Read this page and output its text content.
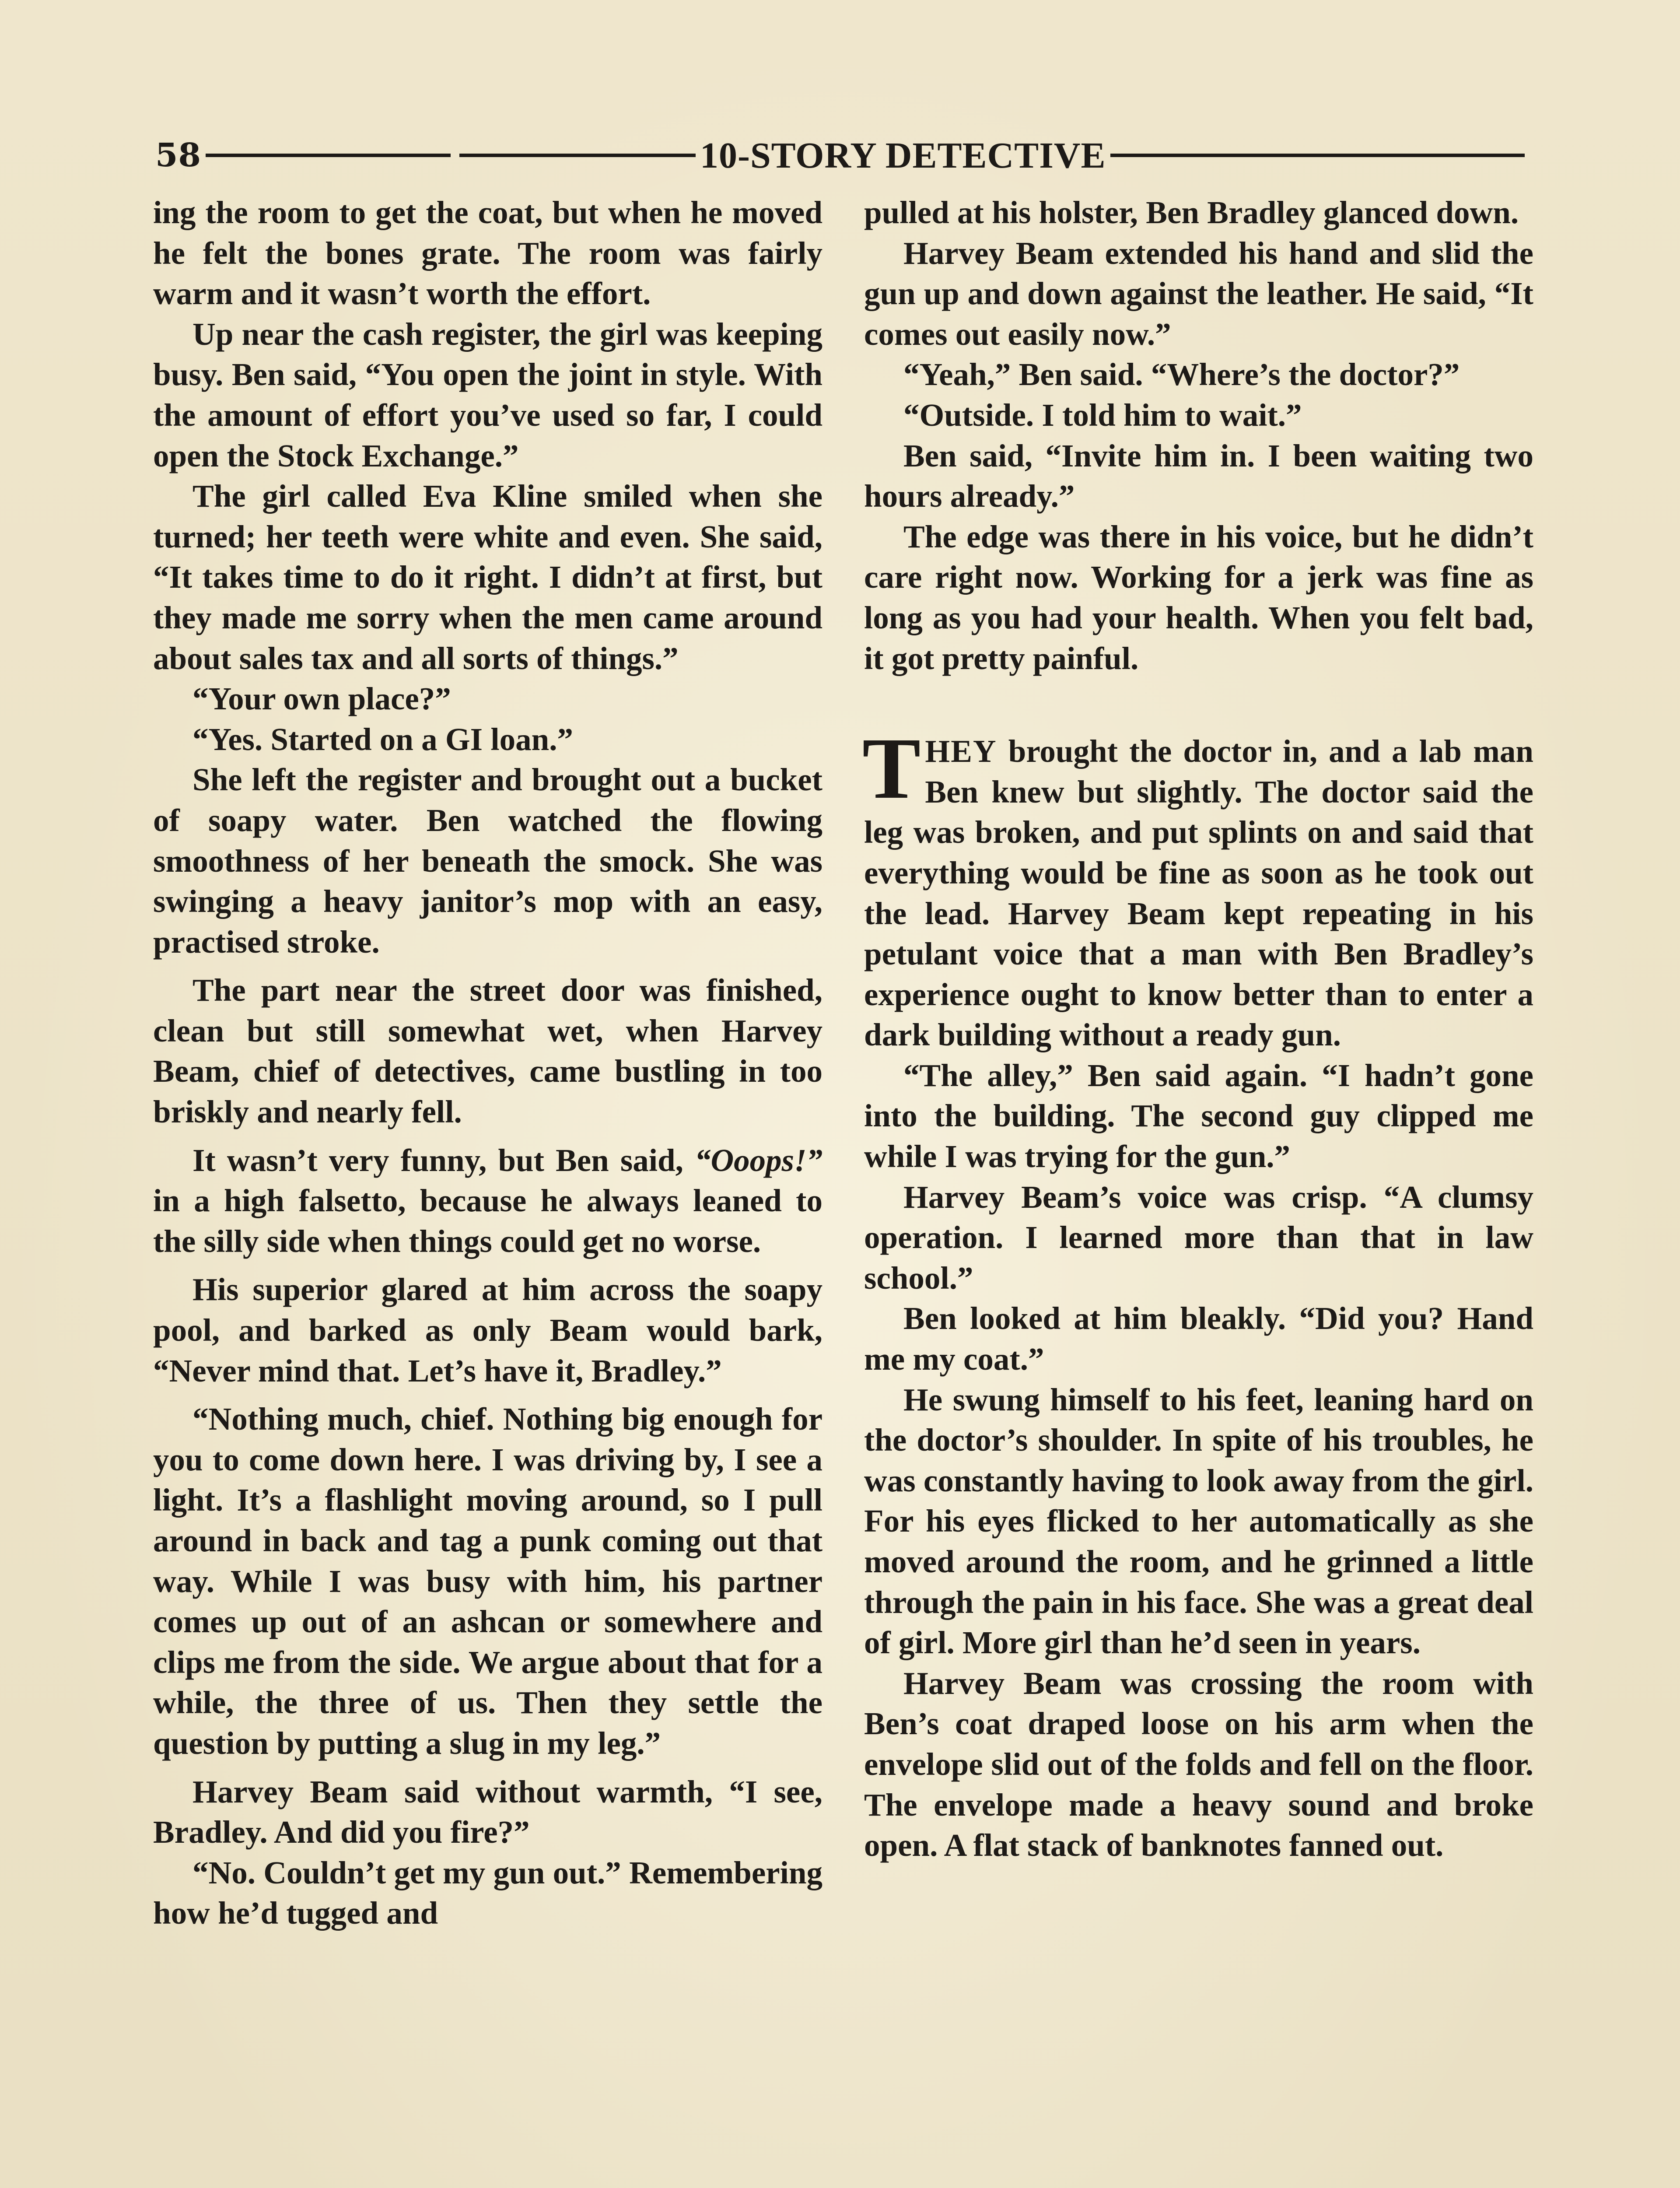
58	10-STORY DETECTIVE

ing the room to get the coat, but when he moved he felt the bones grate. The room was fairly warm and it wasn’t worth the effort.

Up near the cash register, the girl was keeping busy. Ben said, “You open the joint in style. With the amount of effort you’ve used so far, I could open the Stock Exchange.”

The girl called Eva Kline smiled when she turned; her teeth were white and even. She said, “It takes time to do it right. I didn’t at first, but they made me sorry when the men came around about sales tax and all sorts of things.”

“Your own place?”

“Yes. Started on a GI loan.”

She left the register and brought out a bucket of soapy water. Ben watched the flowing smoothness of her beneath the smock. She was swinging a heavy janitor’s mop with an easy, practised stroke.

The part near the street door was finished, clean but still somewhat wet, when Harvey Beam, chief of detectives, came bustling in too briskly and nearly fell.

It wasn’t very funny, but Ben said, “Ooops!” in a high falsetto, because he always leaned to the silly side when things could get no worse.

His superior glared at him across the soapy pool, and barked as only Beam would bark, “Never mind that. Let’s have it, Bradley.”

“Nothing much, chief. Nothing big enough for you to come down here. I was driving by, I see a light. It’s a flashlight moving around, so I pull around in back and tag a punk coming out that way. While I was busy with him, his partner comes up out of an ashcan or somewhere and clips me from the side. We argue about that for a while, the three of us. Then they settle the question by putting a slug in my leg.”

Harvey Beam said without warmth, “I see, Bradley. And did you fire?”

“No. Couldn’t get my gun out.” Remembering how he’d tugged and

pulled at his holster, Ben Bradley glanced down.

Harvey Beam extended his hand and slid the gun up and down against the leather. He said, “It comes out easily now.”

“Yeah,” Ben said. “Where’s the doctor?”

“Outside. I told him to wait.”

Ben said, “Invite him in. I been waiting two hours already.”

The edge was there in his voice, but he didn’t care right now. Working for a jerk was fine as long as you had your health. When you felt bad, it got pretty painful.

THEY brought the doctor in, and a lab man Ben knew but slightly. The doctor said the leg was broken, and put splints on and said that everything would be fine as soon as he took out the lead. Harvey Beam kept repeating in his petulant voice that a man with Ben Bradley’s experience ought to know better than to enter a dark building without a ready gun.

“The alley,” Ben said again. “I hadn’t gone into the building. The second guy clipped me while I was trying for the gun.”

Harvey Beam’s voice was crisp. “A clumsy operation. I learned more than that in law school.”

Ben looked at him bleakly. “Did you? Hand me my coat.”

He swung himself to his feet, leaning hard on the doctor’s shoulder. In spite of his troubles, he was constantly having to look away from the girl. For his eyes flicked to her automatically as she moved around the room, and he grinned a little through the pain in his face. She was a great deal of girl. More girl than he’d seen in years.

Harvey Beam was crossing the room with Ben’s coat draped loose on his arm when the envelope slid out of the folds and fell on the floor. The envelope made a heavy sound and broke open. A flat stack of banknotes fanned out.
